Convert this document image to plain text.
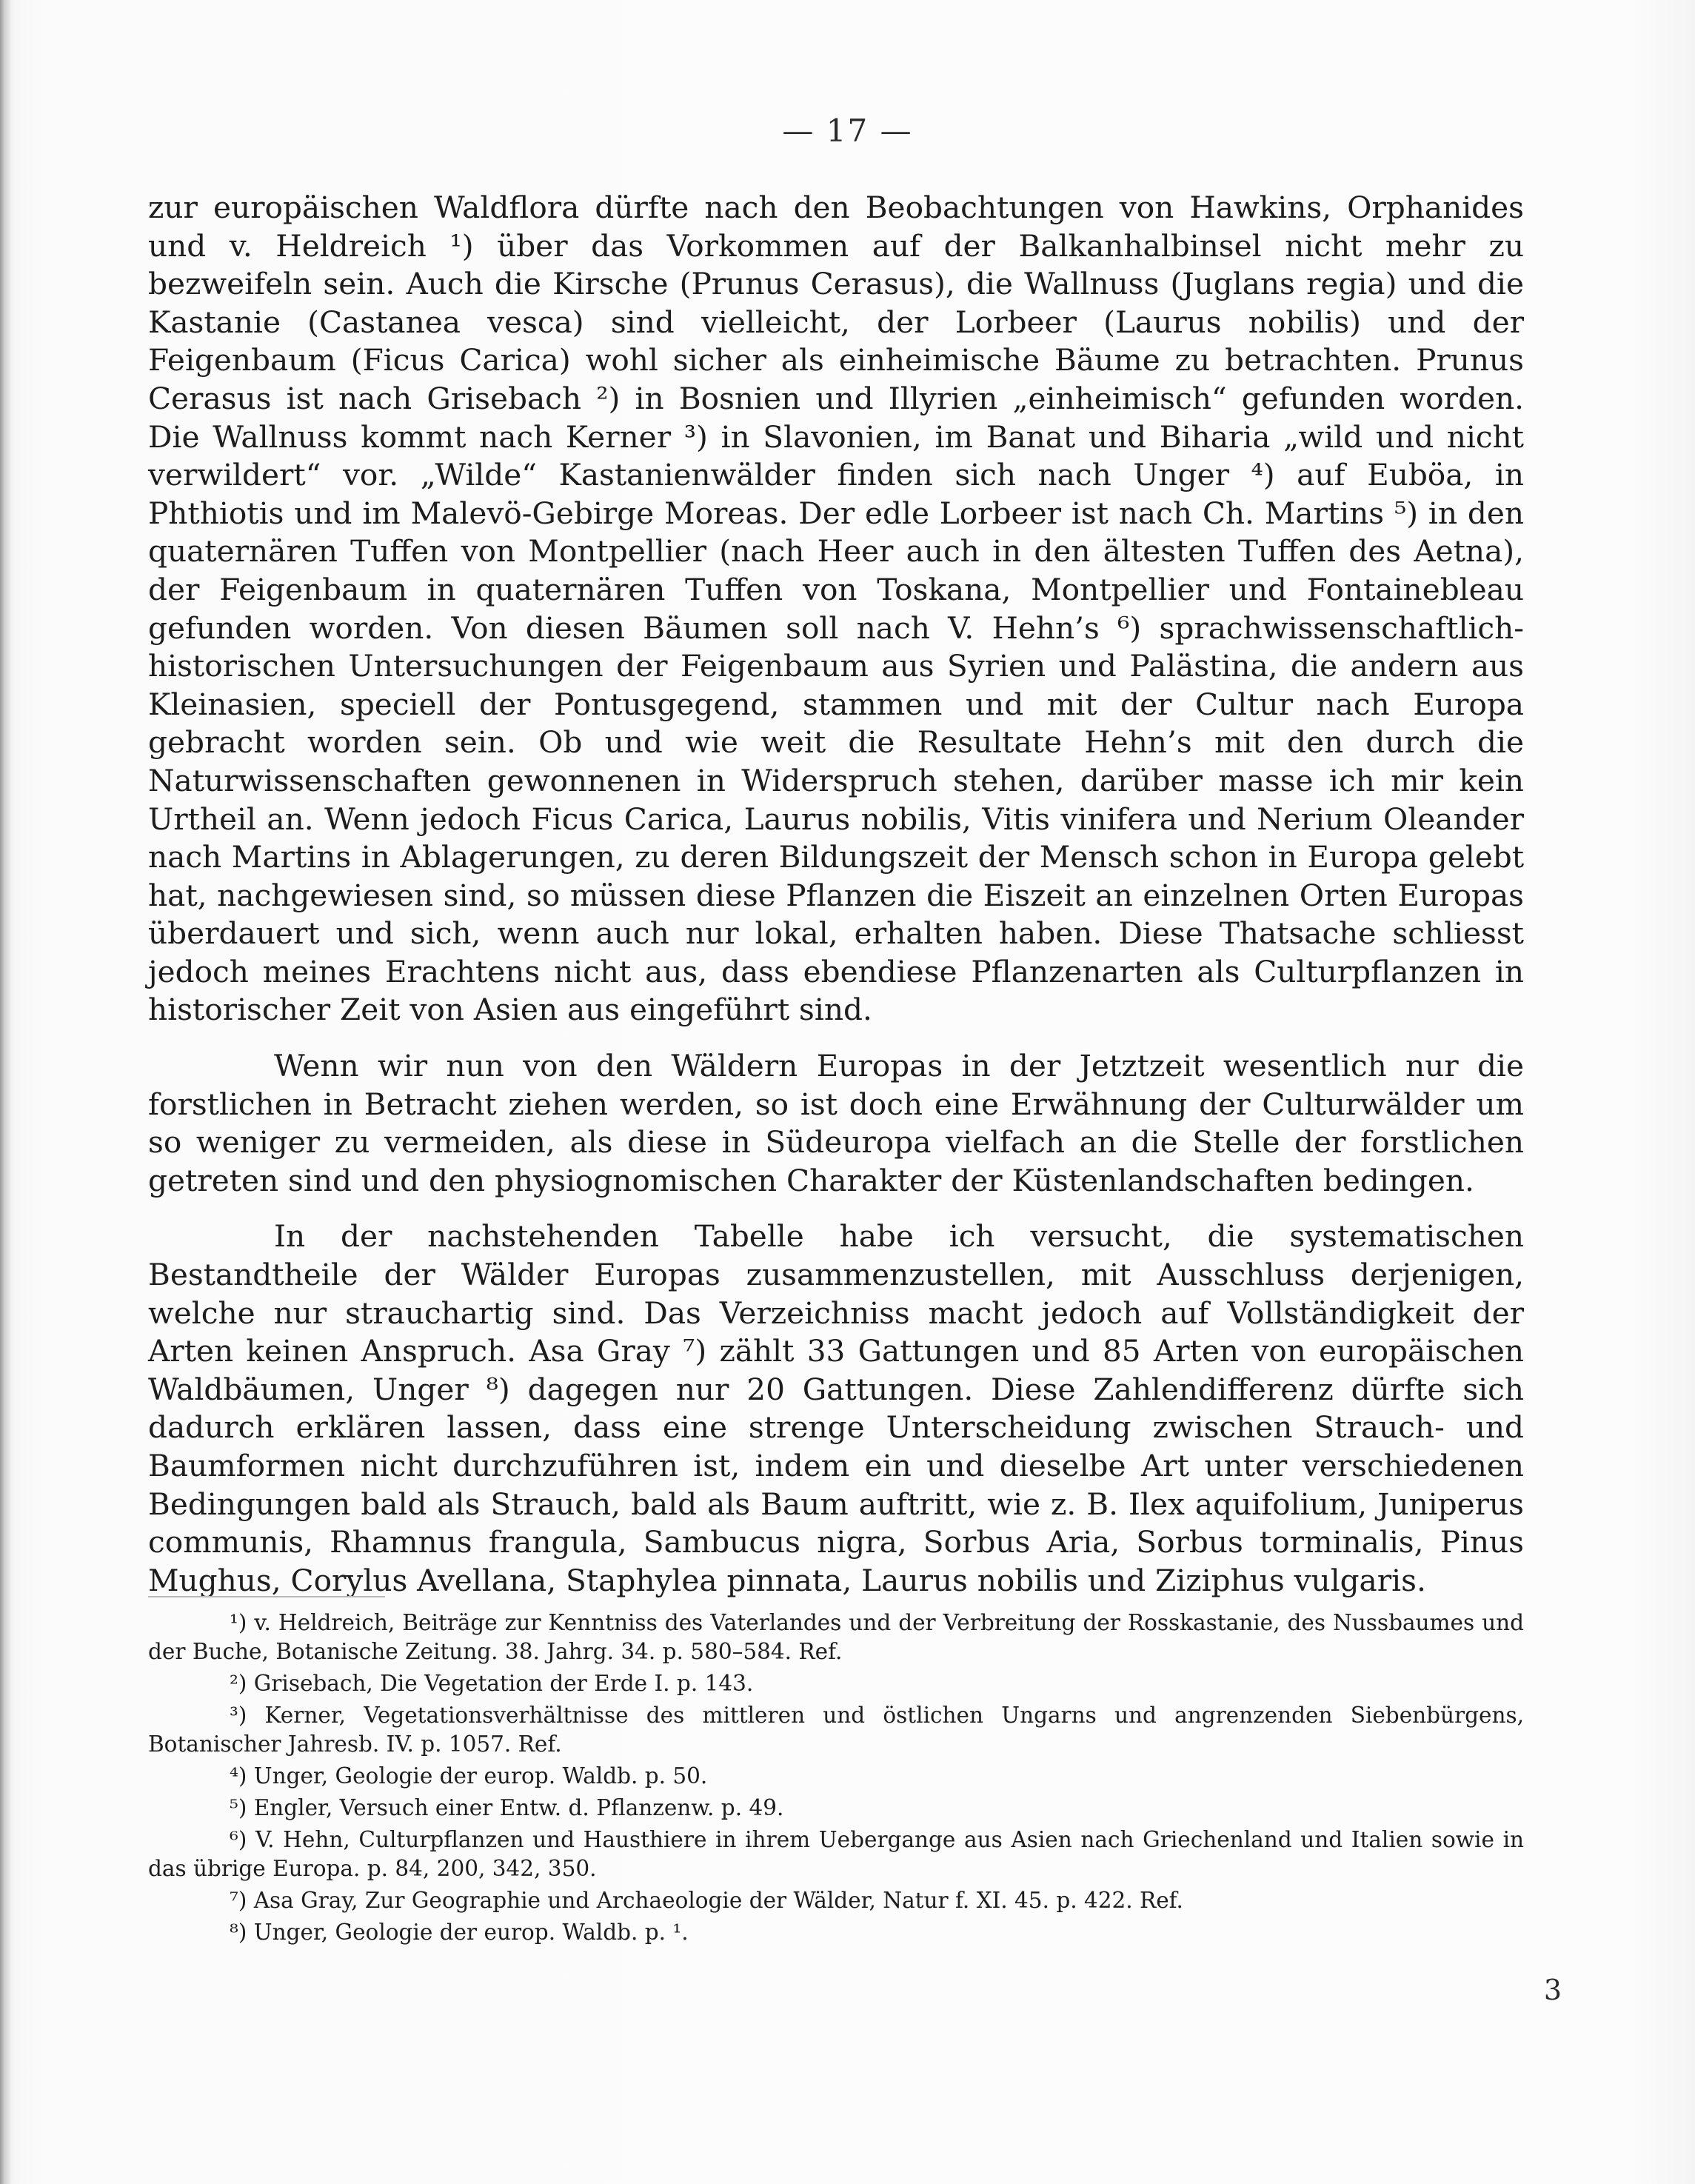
— 17 —

zur europäischen Waldflora dürfte nach den Beobachtungen von Hawkins, Orphanides und v. Heldreich ¹) über das Vorkommen auf der Balkanhalbinsel nicht mehr zu bezweifeln sein. Auch die Kirsche (Prunus Cerasus), die Wallnuss (Juglans regia) und die Kastanie (Castanea vesca) sind vielleicht, der Lorbeer (Laurus nobilis) und der Feigenbaum (Ficus Carica) wohl sicher als einheimische Bäume zu betrachten. Prunus Cerasus ist nach Grisebach ²) in Bosnien und Illyrien „einheimisch“ gefunden worden. Die Wallnuss kommt nach Kerner ³) in Slavonien, im Banat und Biharia „wild und nicht verwildert“ vor. „Wilde“ Kastanienwälder finden sich nach Unger ⁴) auf Euböa, in Phthiotis und im Malevö-Gebirge Moreas. Der edle Lorbeer ist nach Ch. Martins ⁵) in den quaternären Tuffen von Montpellier (nach Heer auch in den ältesten Tuffen des Aetna), der Feigenbaum in quaternären Tuffen von Toskana, Montpellier und Fontainebleau gefunden worden. Von diesen Bäumen soll nach V. Hehn’s ⁶) sprachwissenschaftlich-historischen Untersuchungen der Feigenbaum aus Syrien und Palästina, die andern aus Kleinasien, speciell der Pontusgegend, stammen und mit der Cultur nach Europa gebracht worden sein. Ob und wie weit die Resultate Hehn’s mit den durch die Naturwissenschaften gewonnenen in Widerspruch stehen, darüber masse ich mir kein Urtheil an. Wenn jedoch Ficus Carica, Laurus nobilis, Vitis vinifera und Nerium Oleander nach Martins in Ablagerungen, zu deren Bildungszeit der Mensch schon in Europa gelebt hat, nachgewiesen sind, so müssen diese Pflanzen die Eiszeit an einzelnen Orten Europas überdauert und sich, wenn auch nur lokal, erhalten haben. Diese Thatsache schliesst jedoch meines Erachtens nicht aus, dass ebendiese Pflanzenarten als Culturpflanzen in historischer Zeit von Asien aus eingeführt sind.

Wenn wir nun von den Wäldern Europas in der Jetztzeit wesentlich nur die forstlichen in Betracht ziehen werden, so ist doch eine Erwähnung der Culturwälder um so weniger zu vermeiden, als diese in Südeuropa vielfach an die Stelle der forstlichen getreten sind und den physiognomischen Charakter der Küstenlandschaften bedingen.

In der nachstehenden Tabelle habe ich versucht, die systematischen Bestandtheile der Wälder Europas zusammenzustellen, mit Ausschluss derjenigen, welche nur strauchartig sind. Das Verzeichniss macht jedoch auf Vollständigkeit der Arten keinen Anspruch. Asa Gray ⁷) zählt 33 Gattungen und 85 Arten von europäischen Waldbäumen, Unger ⁸) dagegen nur 20 Gattungen. Diese Zahlendifferenz dürfte sich dadurch erklären lassen, dass eine strenge Unterscheidung zwischen Strauch- und Baumformen nicht durchzuführen ist, indem ein und dieselbe Art unter verschiedenen Bedingungen bald als Strauch, bald als Baum auftritt, wie z. B. Ilex aquifolium, Juniperus communis, Rhamnus frangula, Sambucus nigra, Sorbus Aria, Sorbus torminalis, Pinus Mughus, Corylus Avellana, Staphylea pinnata, Laurus nobilis und Ziziphus vulgaris.

¹) v. Heldreich, Beiträge zur Kenntniss des Vaterlandes und der Verbreitung der Rosskastanie, des Nussbaumes und der Buche, Botanische Zeitung. 38. Jahrg. 34. p. 580–584. Ref.

²) Grisebach, Die Vegetation der Erde I. p. 143.

³) Kerner, Vegetationsverhältnisse des mittleren und östlichen Ungarns und angrenzenden Siebenbürgens, Botanischer Jahresb. IV. p. 1057. Ref.

⁴) Unger, Geologie der europ. Waldb. p. 50.

⁵) Engler, Versuch einer Entw. d. Pflanzenw. p. 49.

⁶) V. Hehn, Culturpflanzen und Hausthiere in ihrem Uebergange aus Asien nach Griechenland und Italien sowie in das übrige Europa. p. 84, 200, 342, 350.

⁷) Asa Gray, Zur Geographie und Archaeologie der Wälder, Natur f. XI. 45. p. 422. Ref.

⁸) Unger, Geologie der europ. Waldb. p. ¹.

3
